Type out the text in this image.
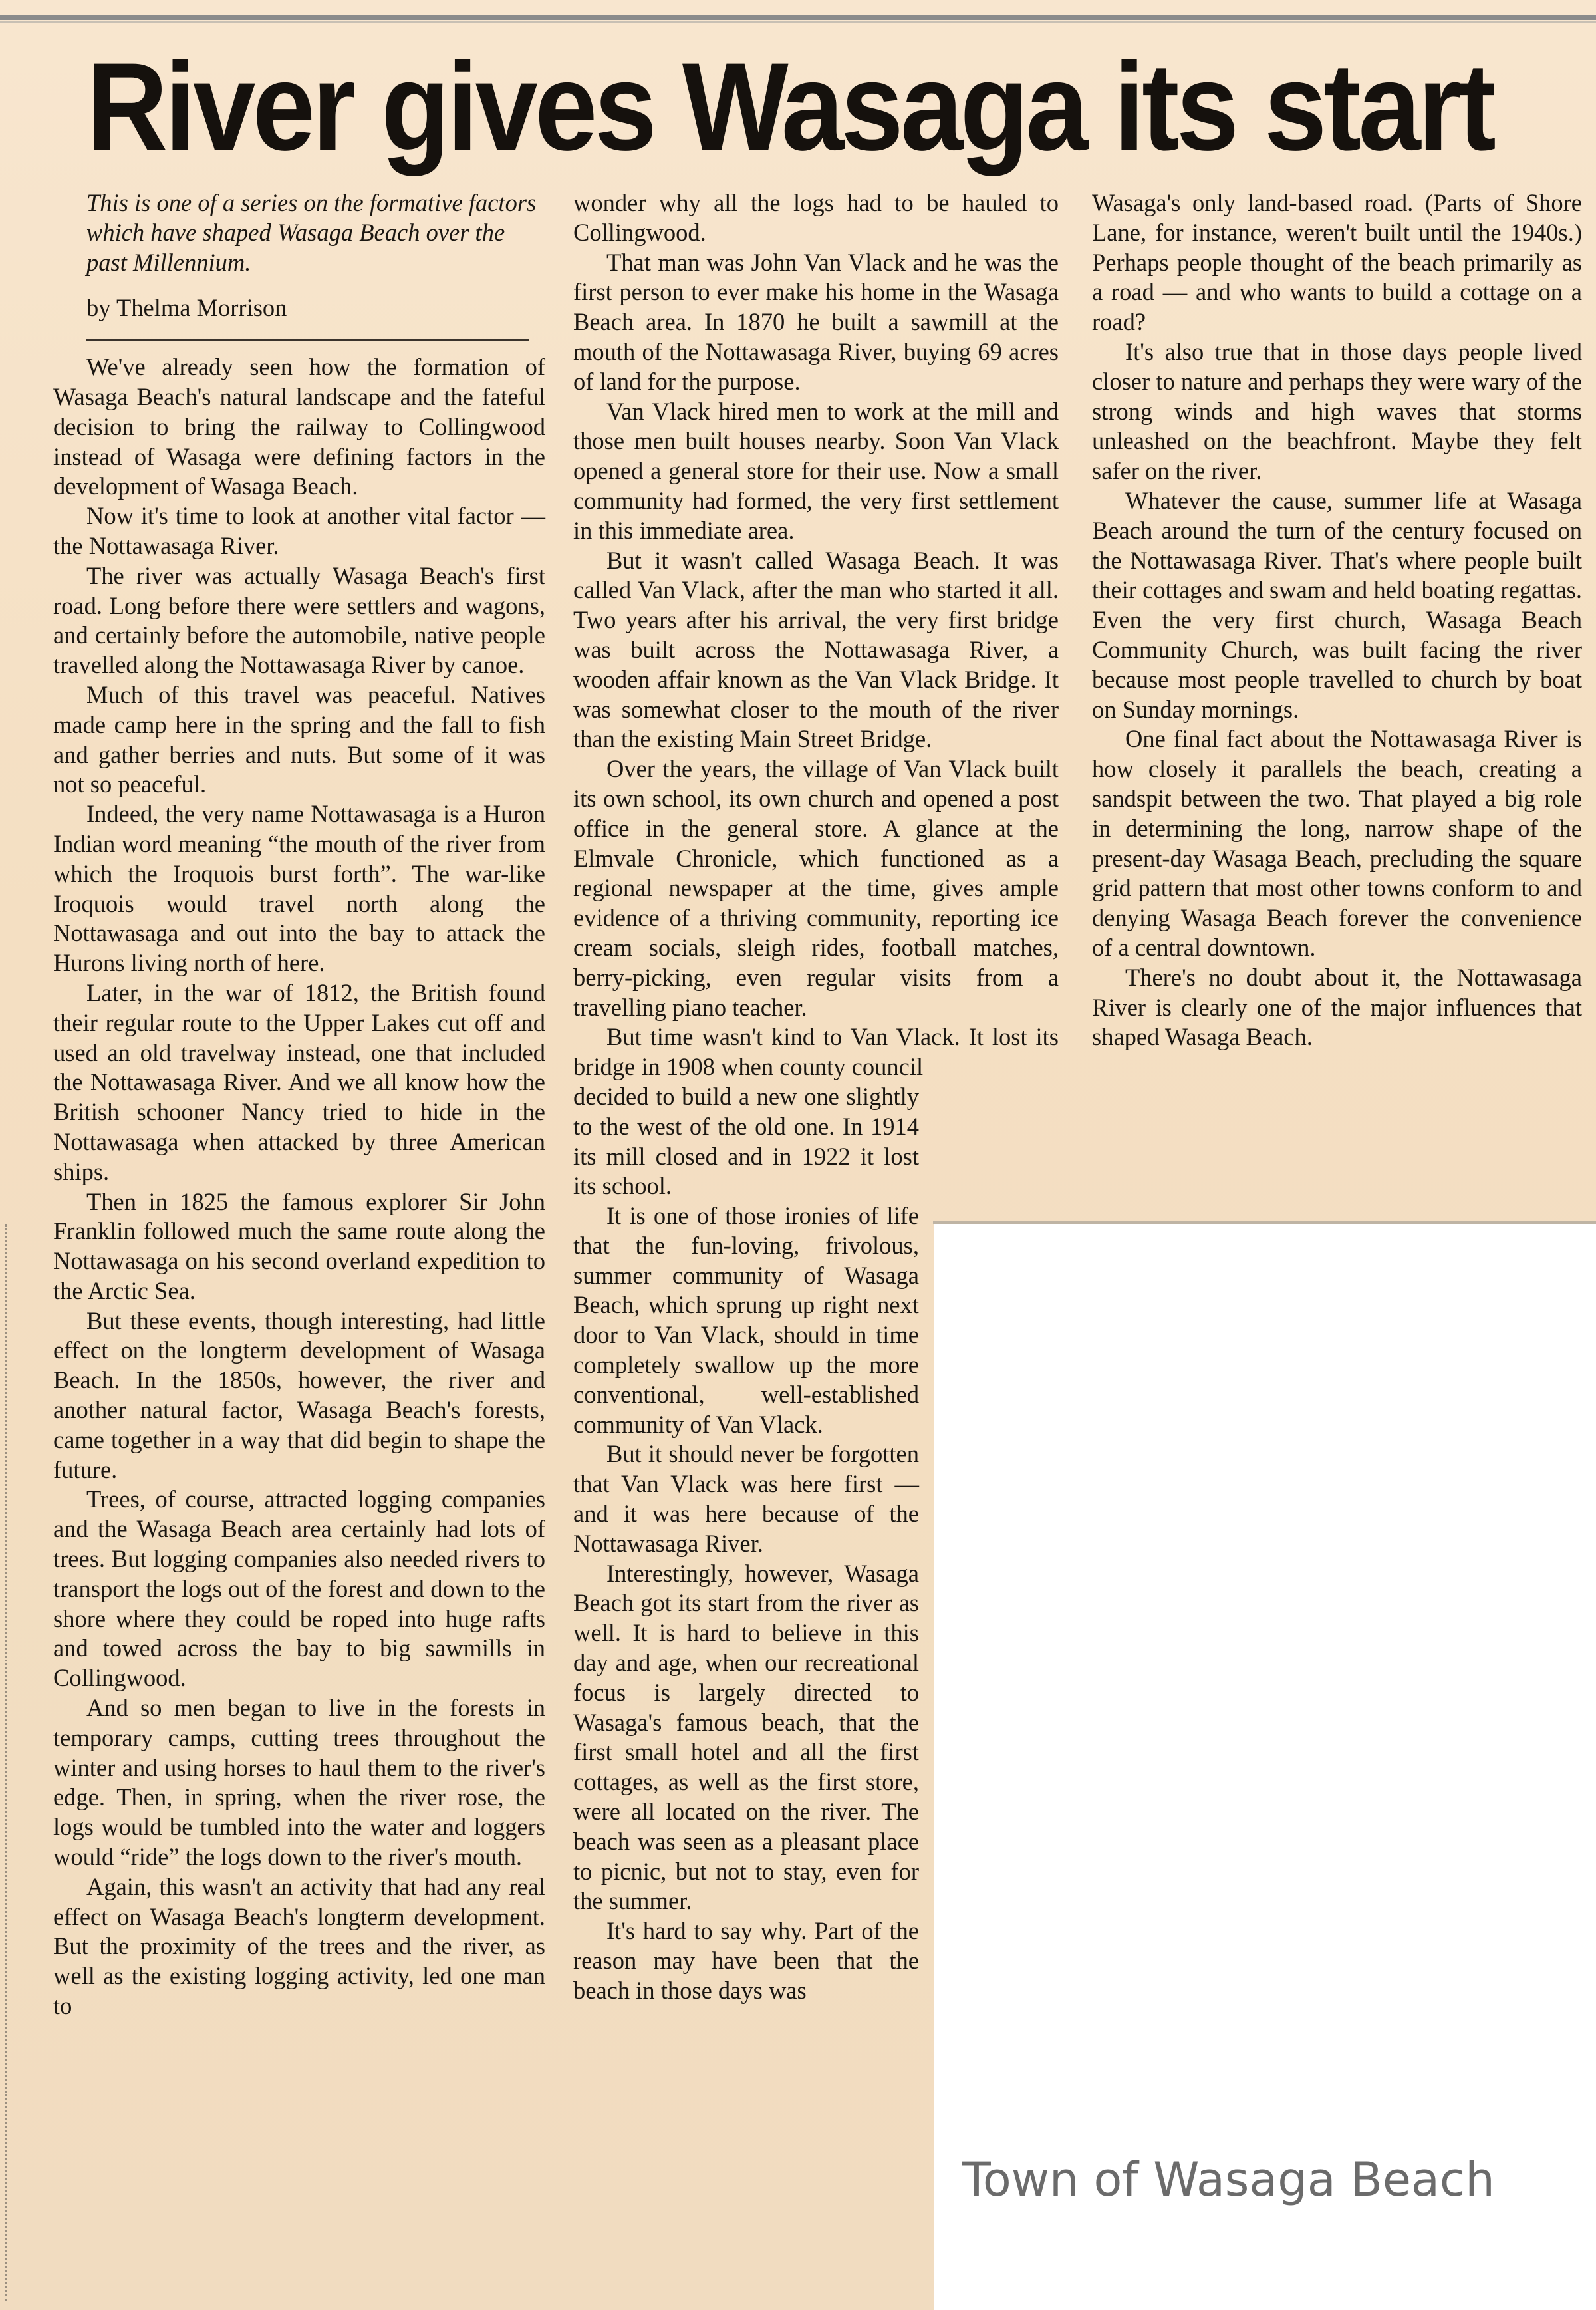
River gives Wasaga its start

This is one of a series on the formative factors which have shaped Wasaga Beach over the past Millennium.

by Thelma Morrison

We've already seen how the formation of Wasaga Beach's natural landscape and the fateful decision to bring the railway to Collingwood instead of Wasaga were defining factors in the development of Wasaga Beach.

Now it's time to look at another vital factor — the Nottawasaga River.

The river was actually Wasaga Beach's first road. Long before there were settlers and wagons, and certainly before the automobile, native people travelled along the Nottawasaga River by canoe.

Much of this travel was peaceful. Natives made camp here in the spring and the fall to fish and gather berries and nuts. But some of it was not so peaceful.

Indeed, the very name Nottawasaga is a Huron Indian word meaning “the mouth of the river from which the Iroquois burst forth”. The war-like Iroquois would travel north along the Nottawasaga and out into the bay to attack the Hurons living north of here.

Later, in the war of 1812, the British found their regular route to the Upper Lakes cut off and used an old travelway instead, one that included the Nottawasaga River. And we all know how the British schooner Nancy tried to hide in the Nottawasaga when attacked by three American ships.

Then in 1825 the famous explorer Sir John Franklin followed much the same route along the Nottawasaga on his second overland expedition to the Arctic Sea.

But these events, though interesting, had little effect on the longterm development of Wasaga Beach. In the 1850s, however, the river and another natural factor, Wasaga Beach's forests, came together in a way that did begin to shape the future.

Trees, of course, attracted logging companies and the Wasaga Beach area certainly had lots of trees. But logging companies also needed rivers to transport the logs out of the forest and down to the shore where they could be roped into huge rafts and towed across the bay to big sawmills in Collingwood.

And so men began to live in the forests in temporary camps, cutting trees throughout the winter and using horses to haul them to the river's edge. Then, in spring, when the river rose, the logs would be tumbled into the water and loggers would “ride” the logs down to the river's mouth.

Again, this wasn't an activity that had any real effect on Wasaga Beach's longterm development. But the proximity of the trees and the river, as well as the existing logging activity, led one man to

wonder why all the logs had to be hauled to Collingwood.

That man was John Van Vlack and he was the first person to ever make his home in the Wasaga Beach area. In 1870 he built a sawmill at the mouth of the Nottawasaga River, buying 69 acres of land for the purpose.

Van Vlack hired men to work at the mill and those men built houses nearby. Soon Van Vlack opened a general store for their use. Now a small community had formed, the very first settlement in this immediate area.

But it wasn't called Wasaga Beach. It was called Van Vlack, after the man who started it all. Two years after his arrival, the very first bridge was built across the Nottawasaga River, a wooden affair known as the Van Vlack Bridge. It was somewhat closer to the mouth of the river than the existing Main Street Bridge.

Over the years, the village of Van Vlack built its own school, its own church and opened a post office in the general store. A glance at the Elmvale Chronicle, which functioned as a regional newspaper at the time, gives ample evidence of a thriving community, reporting ice cream socials, sleigh rides, football matches, berry-picking, even regular visits from a travelling piano teacher.

But time wasn't kind to Van Vlack. It lost its bridge in 1908 when county council

decided to build a new one slightly to the west of the old one. In 1914 its mill closed and in 1922 it lost its school.

It is one of those ironies of life that the fun-loving, frivolous, summer community of Wasaga Beach, which sprung up right next door to Van Vlack, should in time completely swallow up the more conventional, well-established community of Van Vlack.

But it should never be forgotten that Van Vlack was here first — and it was here because of the Nottawasaga River.

Interestingly, however, Wasaga Beach got its start from the river as well. It is hard to believe in this day and age, when our recreational focus is largely directed to Wasaga's famous beach, that the first small hotel and all the first cottages, as well as the first store, were all located on the river. The beach was seen as a pleasant place to picnic, but not to stay, even for the summer.

It's hard to say why. Part of the reason may have been that the beach in those days was

Wasaga's only land-based road. (Parts of Shore Lane, for instance, weren't built until the 1940s.) Perhaps people thought of the beach primarily as a road — and who wants to build a cottage on a road?

It's also true that in those days people lived closer to nature and perhaps they were wary of the strong winds and high waves that storms unleashed on the beachfront. Maybe they felt safer on the river.

Whatever the cause, summer life at Wasaga Beach around the turn of the century focused on the Nottawasaga River. That's where people built their cottages and swam and held boating regattas. Even the very first church, Wasaga Beach Community Church, was built facing the river because most people travelled to church by boat on Sunday mornings.

One final fact about the Nottawasaga River is how closely it parallels the beach, creating a sandspit between the two. That played a big role in determining the long, narrow shape of the present-day Wasaga Beach, precluding the square grid pattern that most other towns conform to and denying Wasaga Beach forever the convenience of a central downtown.

There's no doubt about it, the Nottawasaga River is clearly one of the major influences that shaped Wasaga Beach.

Town of Wasaga Beach
